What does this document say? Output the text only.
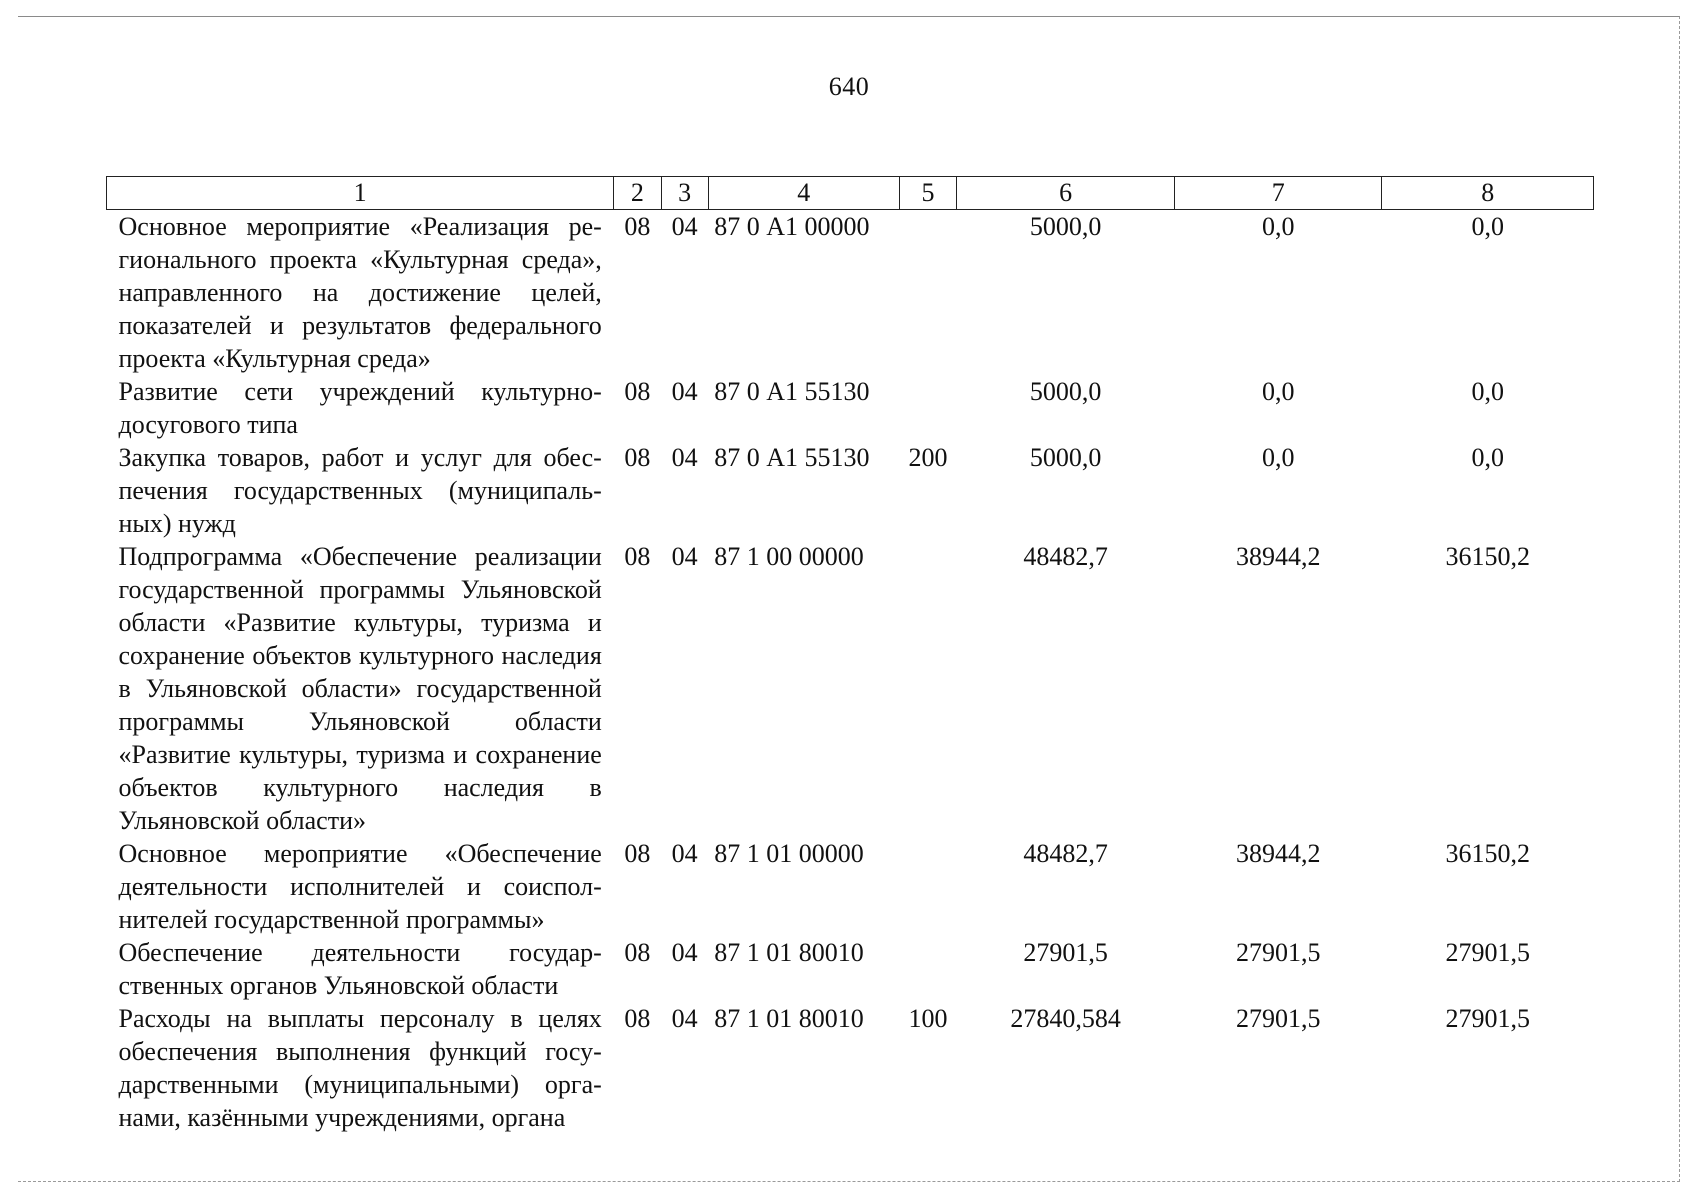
640
1	2	3	4	5	6	7	8
Основное мероприятие «Реализация регионального проекта «Культурная среда», направленного на достижение целей, показателей и результатов федерального проекта «Культурная среда»	08	04	87 0 А1 00000		5000,0	0,0	0,0
Развитие сети учреждений культурно-досугового типа	08	04	87 0 А1 55130		5000,0	0,0	0,0
Закупка товаров, работ и услуг для обеспечения государственных (муниципальных) нужд	08	04	87 0 А1 55130	200	5000,0	0,0	0,0
Подпрограмма «Обеспечение реализации государственной программы Ульяновской области «Развитие культуры, туризма и сохранение объектов культурного наследия в Ульяновской области» государственной программы Ульяновской области «Развитие культуры, туризма и сохранение объектов культурного наследия в Ульяновской области»	08	04	87 1 00 00000		48482,7	38944,2	36150,2
Основное мероприятие «Обеспечение деятельности исполнителей и соисполнителей государственной программы»	08	04	87 1 01 00000		48482,7	38944,2	36150,2
Обеспечение деятельности государственных органов Ульяновской области	08	04	87 1 01 80010		27901,5	27901,5	27901,5
Расходы на выплаты персоналу в целях обеспечения выполнения функций государственными (муниципальными) органами, казёнными учреждениями, органа	08	04	87 1 01 80010	100	27840,584	27901,5	27901,5
